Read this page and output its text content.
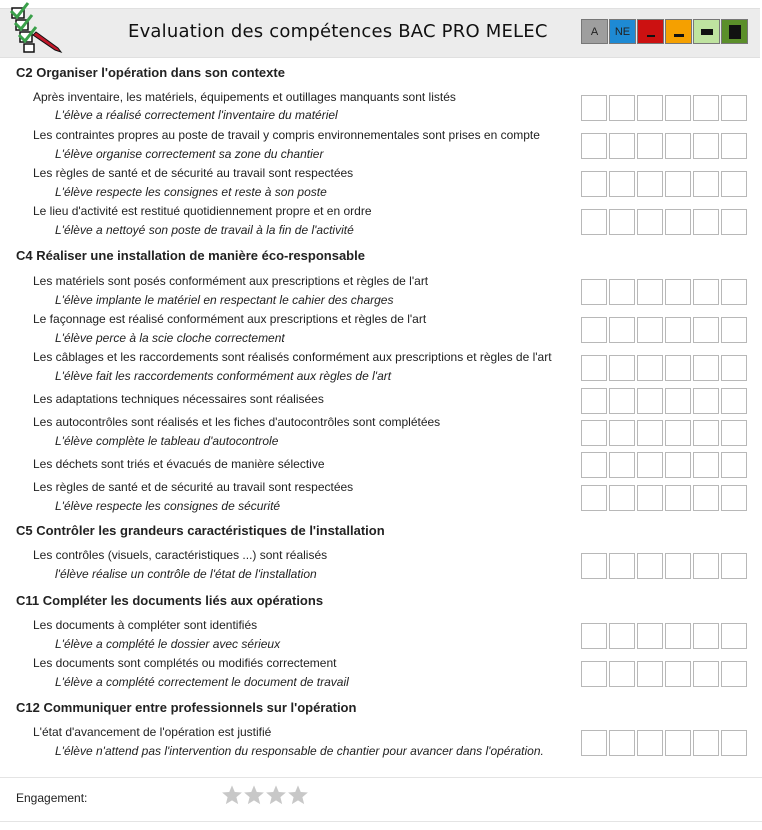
Evaluation des compétences BAC PRO MELEC	A	NE
C2 Organiser l'opération dans son contexte
Après inventaire, les matériels, équipements et outillages manquants sont listés
L'élève a réalisé correctement l'inventaire du matériel
Les contraintes propres au poste de travail y compris environnementales sont prises en compte
L'élève organise correctement sa zone du chantier
Les règles de santé et de sécurité au travail sont respectées
L'élève respecte les consignes et reste à son poste
Le lieu d'activité est restitué quotidiennement propre et en ordre
L'élève a nettoyé son poste de travail à la fin de l'activité
C4 Réaliser une installation de manière éco-responsable
Les matériels sont posés conformément aux prescriptions et règles de l'art
L'élève implante le matériel en respectant le cahier des charges
Le façonnage est réalisé conformément aux prescriptions et règles de l'art
L'élève perce à la scie cloche correctement
Les câblages et les raccordements sont réalisés conformément aux prescriptions et règles de l'art
L'élève fait les raccordements conformément aux règles de l'art
Les adaptations techniques nécessaires sont réalisées
Les autocontrôles sont réalisés et les fiches d'autocontrôles sont complétées
L'élève complète le tableau d'autocontrole
Les déchets sont triés et évacués de manière sélective
Les règles de santé et de sécurité au travail sont respectées
L'élève respecte les consignes de sécurité
C5 Contrôler les grandeurs caractéristiques de l'installation
Les contrôles (visuels, caractéristiques ...) sont réalisés
l'élève réalise un contrôle de l'état de l'installation
C11 Compléter les documents liés aux opérations
Les documents à compléter sont identifiés
L'élève a complété le dossier avec sérieux
Les documents sont complétés ou modifiés correctement
L'élève a complété correctement le document de travail
C12 Communiquer entre professionnels sur l'opération
L'état d'avancement de l'opération est justifié
L'élève n'attend pas l'intervention du responsable de chantier pour avancer dans l'opération.
Engagement:
